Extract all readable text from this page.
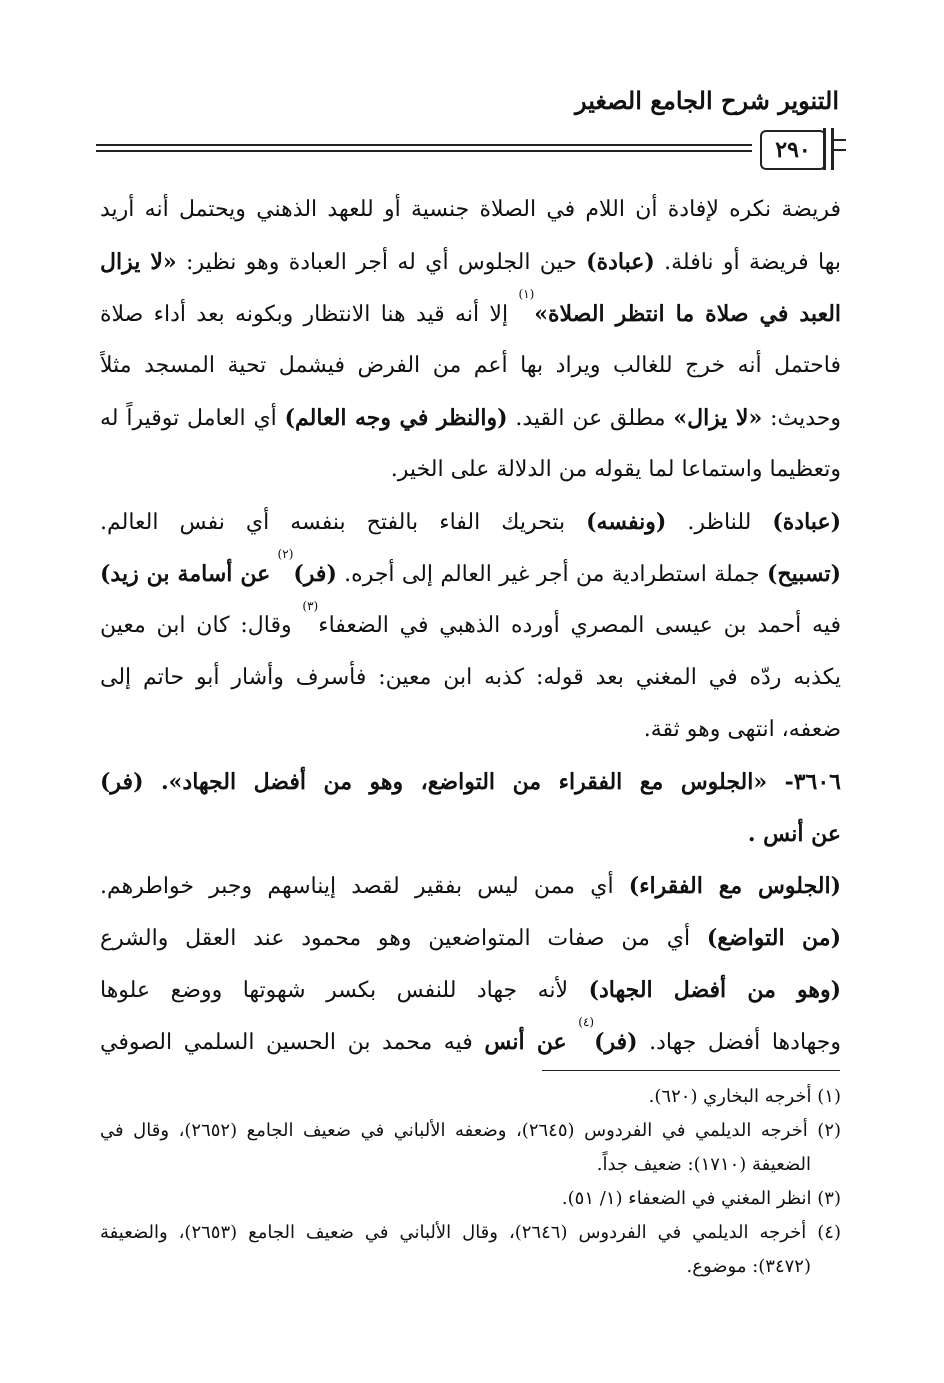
التنوير شرح الجامع الصغير
٢٩٠
فريضة نكره لإفادة أن اللام في الصلاة جنسية أو للعهد الذهني ويحتمل أنه أريد
بها فريضة أو نافلة. (عبادة) حين الجلوس أي له أجر العبادة وهو نظير: «لا يزال
العبد في صلاة ما انتظر الصلاة»$^{(١)}$ إلا أنه قيد هنا الانتظار وبكونه بعد أداء صلاة
فاحتمل أنه خرج للغالب ويراد بها أعم من الفرض فيشمل تحية المسجد مثلاً
وحديث: «لا يزال» مطلق عن القيد. (والنظر في وجه العالم) أي العامل توقيراً له
وتعظيما واستماعا لما يقوله من الدلالة على الخير.
(عبادة) للناظر. (ونفسه) بتحريك الفاء بالفتح بنفسه أي نفس العالم.
(تسبيح) جملة استطرادية من أجر غير العالم إلى أجره. (فر)$^{(٢)}$ عن أسامة بن زيد)
فيه أحمد بن عيسى المصري أورده الذهبي في الضعفاء$^{(٣)}$ وقال: كان ابن معين
يكذبه ردّه في المغني بعد قوله: كذبه ابن معين: فأسرف وأشار أبو حاتم إلى
ضعفه، انتهى وهو ثقة.
٣٦٠٦- «الجلوس مع الفقراء من التواضع، وهو من أفضل الجهاد». (فر)
عن أنس .
(الجلوس مع الفقراء) أي ممن ليس بفقير لقصد إيناسهم وجبر خواطرهم.
(من التواضع) أي من صفات المتواضعين وهو محمود عند العقل والشرع
(وهو من أفضل الجهاد) لأنه جهاد للنفس بكسر شهوتها ووضع علوها
وجهادها أفضل جهاد. (فر)$^{(٤)}$ عن أنس فيه محمد بن الحسين السلمي الصوفي
(١) أخرجه البخاري (٦٢٠).
(٢) أخرجه الديلمي في الفردوس (٢٦٤٥)، وضعفه الألباني في ضعيف الجامع (٢٦٥٢)، وقال في
الضعيفة (١٧١٠): ضعيف جداً.
(٣) انظر المغني في الضعفاء (١/ ٥١).
(٤) أخرجه الديلمي في الفردوس (٢٦٤٦)، وقال الألباني في ضعيف الجامع (٢٦٥٣)، والضعيفة
(٣٤٧٢): موضوع.
